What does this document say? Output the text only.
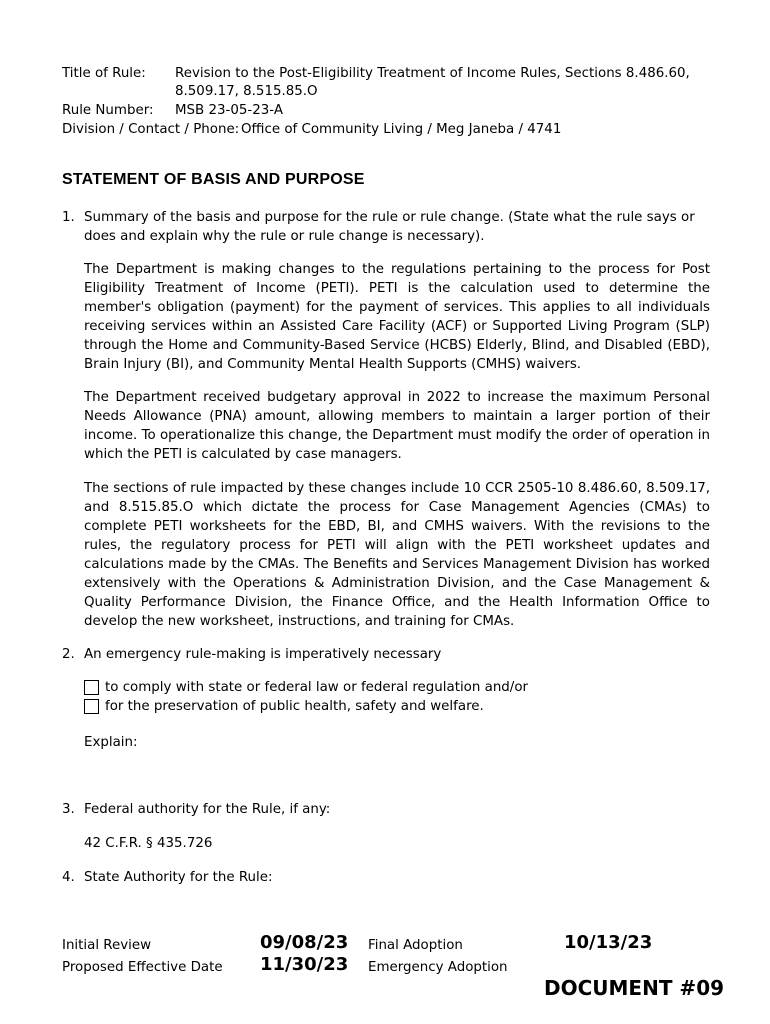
Title of Rule: Revision to the Post-Eligibility Treatment of Income Rules, Sections 8.486.60,
8.509.17, 8.515.85.O
Rule Number: MSB 23-05-23-A
Division / Contact / Phone: Office of Community Living / Meg Janeba / 4741
STATEMENT OF BASIS AND PURPOSE
1. Summary of the basis and purpose for the rule or rule change. (State what the rule says or does and explain why the rule or rule change is necessary).

The Department is making changes to the regulations pertaining to the process for Post Eligibility Treatment of Income (PETI). PETI is the calculation used to determine the member's obligation (payment) for the payment of services. This applies to all individuals receiving services within an Assisted Care Facility (ACF) or Supported Living Program (SLP) through the Home and Community-Based Service (HCBS) Elderly, Blind, and Disabled (EBD), Brain Injury (BI), and Community Mental Health Supports (CMHS) waivers.

The Department received budgetary approval in 2022 to increase the maximum Personal Needs Allowance (PNA) amount, allowing members to maintain a larger portion of their income. To operationalize this change, the Department must modify the order of operation in which the PETI is calculated by case managers.

The sections of rule impacted by these changes include 10 CCR 2505-10 8.486.60, 8.509.17, and 8.515.85.O which dictate the process for Case Management Agencies (CMAs) to complete PETI worksheets for the EBD, BI, and CMHS waivers. With the revisions to the rules, the regulatory process for PETI will align with the PETI worksheet updates and calculations made by the CMAs. The Benefits and Services Management Division has worked extensively with the Operations & Administration Division, and the Case Management & Quality Performance Division, the Finance Office, and the Health Information Office to develop the new worksheet, instructions, and training for CMAs.

2. An emergency rule-making is imperatively necessary
to comply with state or federal law or federal regulation and/or
for the preservation of public health, safety and welfare.
Explain:
3. Federal authority for the Rule, if any:
42 C.F.R. § 435.726
4. State Authority for the Rule:
Initial Review	09/08/23 Final Adoption	10/13/23
Proposed Effective Date 11/30/23 Emergency Adoption
DOCUMENT #09
